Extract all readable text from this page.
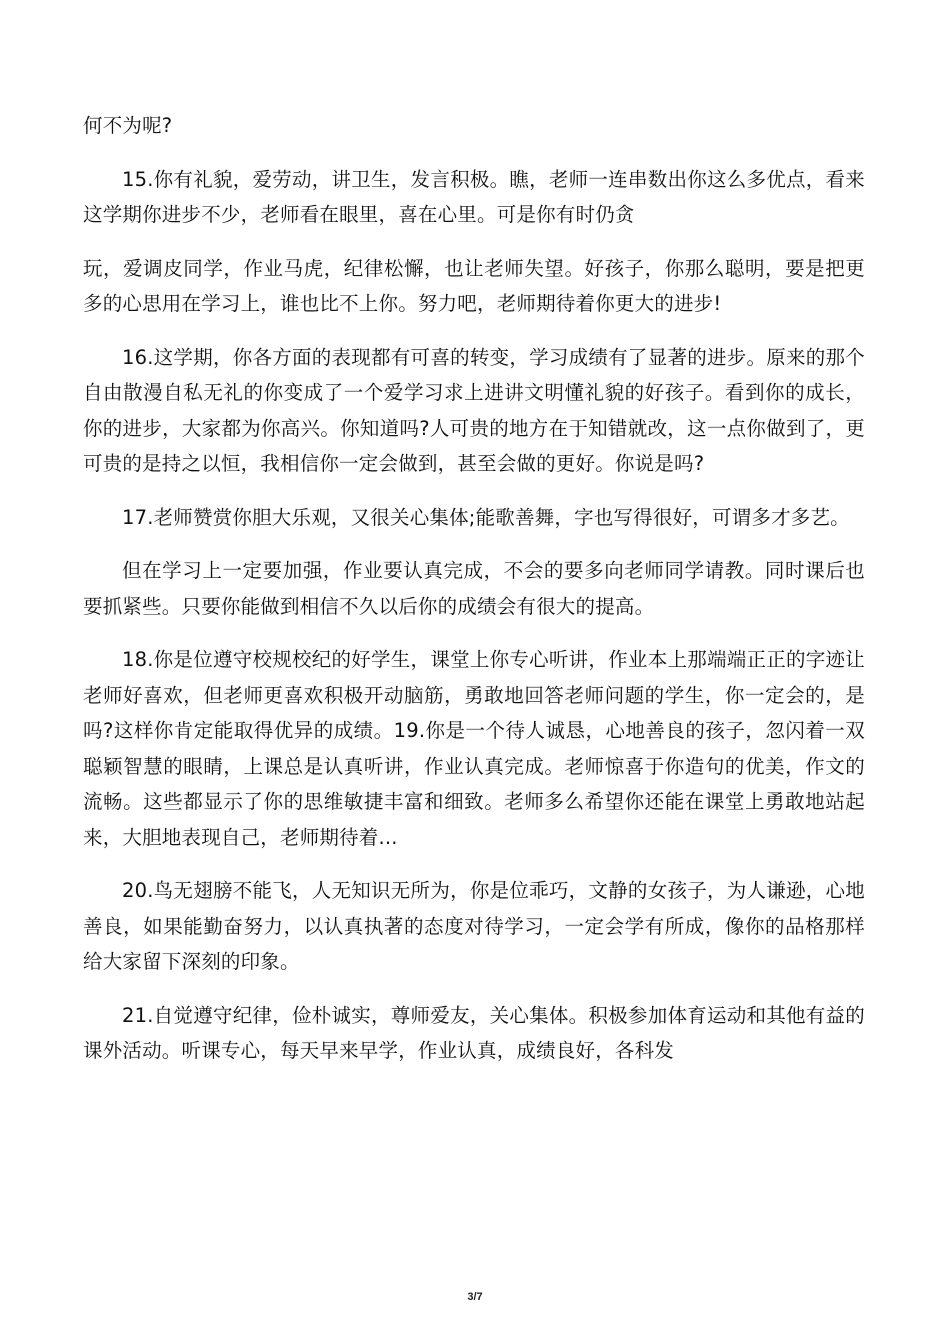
何不为呢?

15.你有礼貌，爱劳动，讲卫生，发言积极。瞧，老师一连串数出你这么多优点，看来这学期你进步不少，老师看在眼里，喜在心里。可是你有时仍贪

玩，爱调皮同学，作业马虎，纪律松懈，也让老师失望。好孩子，你那么聪明，要是把更多的心思用在学习上，谁也比不上你。努力吧，老师期待着你更大的进步!

16.这学期，你各方面的表现都有可喜的转变，学习成绩有了显著的进步。原来的那个自由散漫自私无礼的你变成了一个爱学习求上进讲文明懂礼貌的好孩子。看到你的成长，你的进步，大家都为你高兴。你知道吗?人可贵的地方在于知错就改，这一点你做到了，更可贵的是持之以恒，我相信你一定会做到，甚至会做的更好。你说是吗?

17.老师赞赏你胆大乐观，又很关心集体;能歌善舞，字也写得很好，可谓多才多艺。

但在学习上一定要加强，作业要认真完成，不会的要多向老师同学请教。同时课后也要抓紧些。只要你能做到相信不久以后你的成绩会有很大的提高。

18.你是位遵守校规校纪的好学生，课堂上你专心听讲，作业本上那端端正正的字迹让老师好喜欢，但老师更喜欢积极开动脑筋，勇敢地回答老师问题的学生，你一定会的，是吗?这样你肯定能取得优异的成绩。19.你是一个待人诚恳，心地善良的孩子，忽闪着一双聪颖智慧的眼睛，上课总是认真听讲，作业认真完成。老师惊喜于你造句的优美，作文的流畅。这些都显示了你的思维敏捷丰富和细致。老师多么希望你还能在课堂上勇敢地站起来，大胆地表现自己，老师期待着...

20.鸟无翅膀不能飞，人无知识无所为，你是位乖巧，文静的女孩子，为人谦逊，心地善良，如果能勤奋努力，以认真执著的态度对待学习，一定会学有所成，像你的品格那样给大家留下深刻的印象。

21.自觉遵守纪律，俭朴诚实，尊师爱友，关心集体。积极参加体育运动和其他有益的课外活动。听课专心，每天早来早学，作业认真，成绩良好，各科发

3/7
